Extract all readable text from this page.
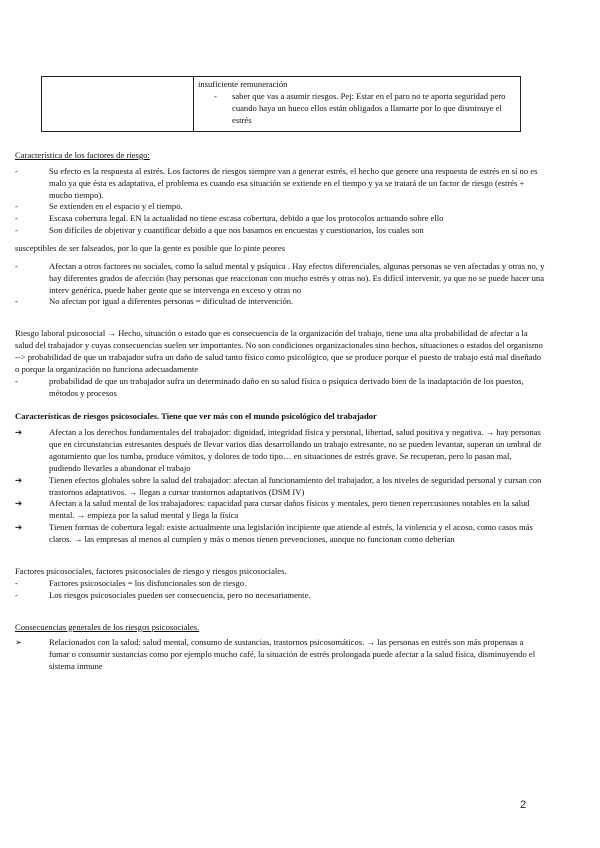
insuficiente remuneración
-	saber que vas a asumir riesgos. Pej: Estar en el paro no te aporta seguridad pero cuando haya un hueco ellos están obligados a llamarte por lo que disminuye el estrés

Característica de los factores de riesgo:

-	Su efecto es la respuesta al estrés. Los factores de riesgos siempre van a generar estrés, el hecho que genere una respuesta de estrés en sí no es malo ya que ésta es adaptativa, el problema es cuando esa situación se extiende en el tiempo y ya se tratará de un factor de riesgo (estrés + mucho tiempo).
-	Se extienden en el espacio y el tiempo.
-	Escasa cobertura legal. EN la actualidad no tiene escasa cobertura, debido a que los protocolos actuando sobre ello
-	Son difíciles de objetivar y cuantificar debido a que nos basamos en encuestas y cuestionarios, los cuales son

susceptibles de ser falseados, por lo que la gente es posible que lo pinte peores

-	Afectan a otros factores no sociales, como la salud mental y psíquica . Hay efectos diferenciales, algunas personas se ven afectadas y otras no, y hay diferentes grados de afección (hay personas que reaccionan con mucho estrés y otras no). Es difícil intervenir, ya que no se puede hacer una interv genérica, puede haber gente que se intervenga en exceso y otras no
-	No afectan por igual a diferentes personas = dificultad de intervención.

Riesgo laboral psicosocial → Hecho, situación o estado que es consecuencia de la organización del trabajo, tiene una alta probabilidad de afectar a la salud del trabajador y cuyas consecuencias suelen ser importantes. No son condiciones organizacionales sino hechos, situaciones o estados del organismo --> probabilidad de que un trabajador sufra un daño de salud tanto físico como psicológico, que se produce porque el puesto de trabajo está mal diseñado o porque la organización no funciona adecuadamente

-	probabilidad de que un trabajador sufra un determinado daño en su salud física o psíquica derivado bien de la inadaptación de los puestos, métodos y procesos

Características de riesgos psicosociales. Tiene que ver más con el mundo psicológico del trabajador

➔	Afectan a los derechos fundamentales del trabajador: dignidad, integridad física y personal, libertad, salud positiva y negativa. → hay personas que en circunstancias estresantes después de llevar varios días desarrollando un trabajo estresante, no se pueden levantar, superan un umbral de agotamiento que los tumba, produce vómitos, y dolores de todo tipo… en situaciones de estrés grave. Se recuperan, pero lo pasan mal, pudiendo llevarles a abandonar el trabajo
➔	Tienen efectos globales sobre la salud del trabajador: afectan al funcionamiento del trabajador, a los niveles de seguridad personal y cursan con trastornos adaptativos. → llegan a cursar trastornos adaptativos (DSM IV)
➔	Afectan a la salud mental de los trabajadores: capacidad para cursar daños físicos y mentales, pero tienen repercusiones notables en la salud mental. → empieza por la salud mental y llega la física
➔	Tienen formas de cobertura legal: existe actualmente una legislación incipiente que atiende al estrés, la violencia y el acoso, como casos más claros. → las empresas al menos al cumplen y más o menos tienen prevenciones, aunque no funcionan como deberían

Factores psicosociales, factores psicosociales de riesgo y riesgos psicosociales.

-	Factores psicosociales = los disfuncionales son de riesgo.
-	Los riesgos psicosociales pueden ser consecuencia, pero no necesariamente.

Consecuencias generales de los riesgos psicosociales.

➢	Relacionados con la salud: salud mental, consumo de sustancias, trastornos psicosomáticos. → las personas en estrés son más propensas a fumar o consumir sustancias como por ejemplo mucho café, la situación de estrés prolongada puede afectar a la salud física, disminuyendo el sistema inmune
2
